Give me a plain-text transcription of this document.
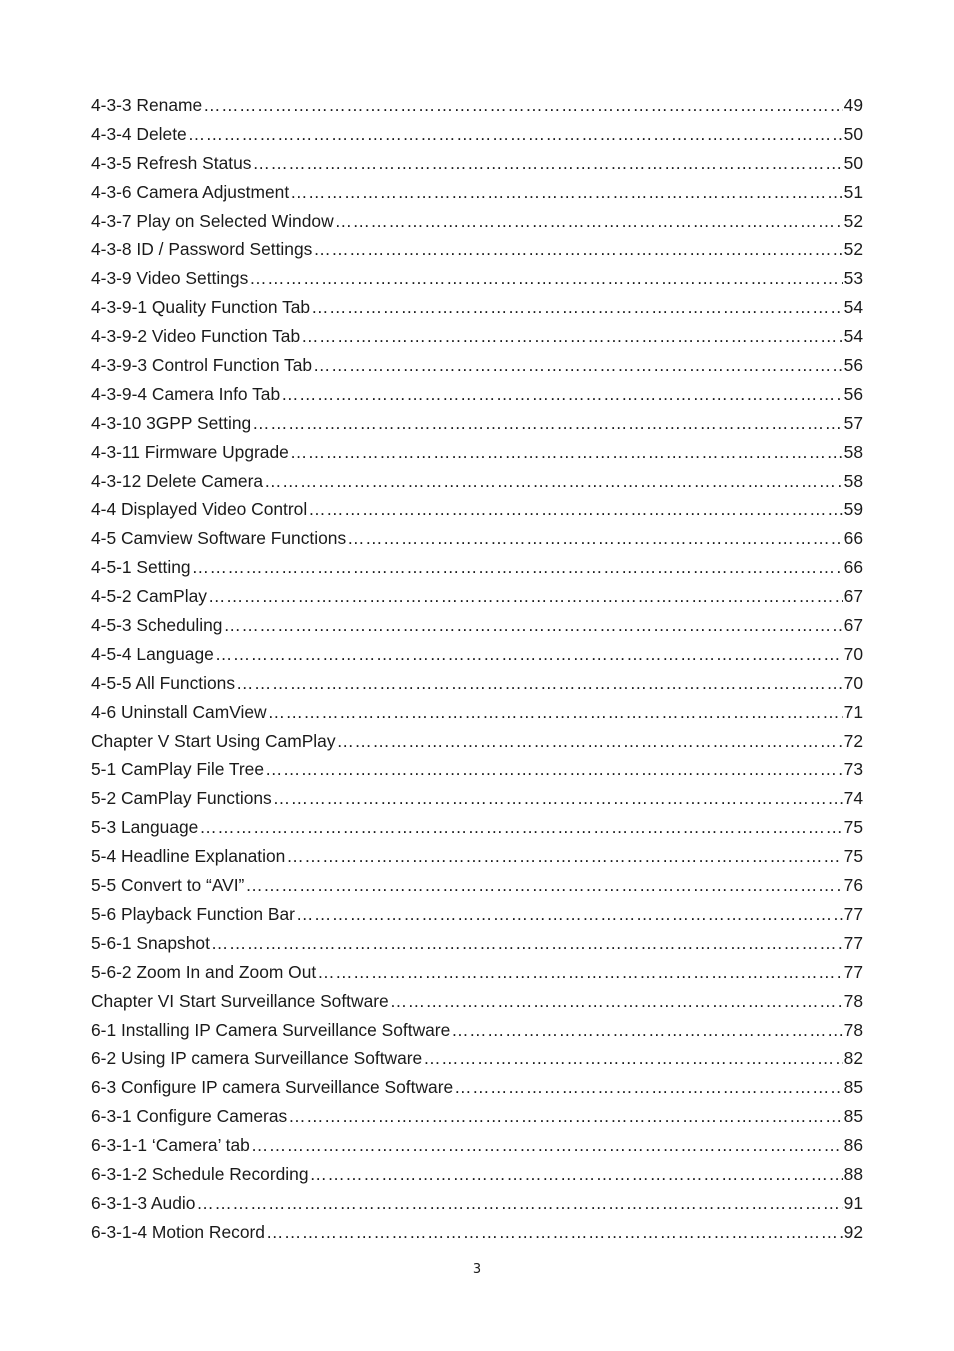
4-3-3 Rename ………………………………………………………………………………………………………………………………………………………………………………………………………………………………	49
4-3-4 Delete ………………………………………………………………………………………………………………………………………………………………………………………………………………………………	50
4-3-5 Refresh Status ………………………………………………………………………………………………………………………………………………………………………………………………………………………………	50
4-3-6 Camera Adjustment ………………………………………………………………………………………………………………………………………………………………………………………………………………………………	51
4-3-7 Play on Selected Window ………………………………………………………………………………………………………………………………………………………………………………………………………………………………	52
4-3-8 ID / Password Settings ………………………………………………………………………………………………………………………………………………………………………………………………………………………………	52
4-3-9 Video Settings ………………………………………………………………………………………………………………………………………………………………………………………………………………………………	53
4-3-9-1 Quality Function Tab ………………………………………………………………………………………………………………………………………………………………………………………………………………………………	54
4-3-9-2 Video Function Tab ………………………………………………………………………………………………………………………………………………………………………………………………………………………………	54
4-3-9-3 Control Function Tab ………………………………………………………………………………………………………………………………………………………………………………………………………………………………	56
4-3-9-4 Camera Info Tab ………………………………………………………………………………………………………………………………………………………………………………………………………………………………	56
4-3-10 3GPP Setting ………………………………………………………………………………………………………………………………………………………………………………………………………………………………	57
4-3-11 Firmware Upgrade ………………………………………………………………………………………………………………………………………………………………………………………………………………………………	58
4-3-12 Delete Camera ………………………………………………………………………………………………………………………………………………………………………………………………………………………………	58
4-4 Displayed Video Control ………………………………………………………………………………………………………………………………………………………………………………………………………………………………	59
4-5 Camview Software Functions ………………………………………………………………………………………………………………………………………………………………………………………………………………………………	66
4-5-1 Setting ………………………………………………………………………………………………………………………………………………………………………………………………………………………………	66
4-5-2 CamPlay ………………………………………………………………………………………………………………………………………………………………………………………………………………………………	67
4-5-3 Scheduling ………………………………………………………………………………………………………………………………………………………………………………………………………………………………	67
4-5-4 Language ………………………………………………………………………………………………………………………………………………………………………………………………………………………………	70
4-5-5 All Functions ………………………………………………………………………………………………………………………………………………………………………………………………………………………………	70
4-6 Uninstall CamView ………………………………………………………………………………………………………………………………………………………………………………………………………………………………	71
Chapter V Start Using CamPlay ………………………………………………………………………………………………………………………………………………………………………………………………………………………………	72
5-1 CamPlay File Tree ………………………………………………………………………………………………………………………………………………………………………………………………………………………………	73
5-2 CamPlay Functions ………………………………………………………………………………………………………………………………………………………………………………………………………………………………	74
5-3 Language ………………………………………………………………………………………………………………………………………………………………………………………………………………………………	75
5-4 Headline Explanation ………………………………………………………………………………………………………………………………………………………………………………………………………………………………	75
5-5 Convert to “AVI” ………………………………………………………………………………………………………………………………………………………………………………………………………………………………	76
5-6 Playback Function Bar ………………………………………………………………………………………………………………………………………………………………………………………………………………………………	77
5-6-1 Snapshot ………………………………………………………………………………………………………………………………………………………………………………………………………………………………	77
5-6-2 Zoom In and Zoom Out ………………………………………………………………………………………………………………………………………………………………………………………………………………………………	77
Chapter VI Start Surveillance Software ………………………………………………………………………………………………………………………………………………………………………………………………………………………………	78
6-1 Installing IP Camera Surveillance Software ………………………………………………………………………………………………………………………………………………………………………………………………………………………………	78
6-2 Using IP camera Surveillance Software ………………………………………………………………………………………………………………………………………………………………………………………………………………………………	82
6-3 Configure IP camera Surveillance Software ………………………………………………………………………………………………………………………………………………………………………………………………………………………………	85
6-3-1 Configure Cameras ………………………………………………………………………………………………………………………………………………………………………………………………………………………………	85
6-3-1-1 ‘Camera’ tab ………………………………………………………………………………………………………………………………………………………………………………………………………………………………	86
6-3-1-2 Schedule Recording ………………………………………………………………………………………………………………………………………………………………………………………………………………………………	88
6-3-1-3 Audio ………………………………………………………………………………………………………………………………………………………………………………………………………………………………	91
6-3-1-4 Motion Record ………………………………………………………………………………………………………………………………………………………………………………………………………………………………	92
3
